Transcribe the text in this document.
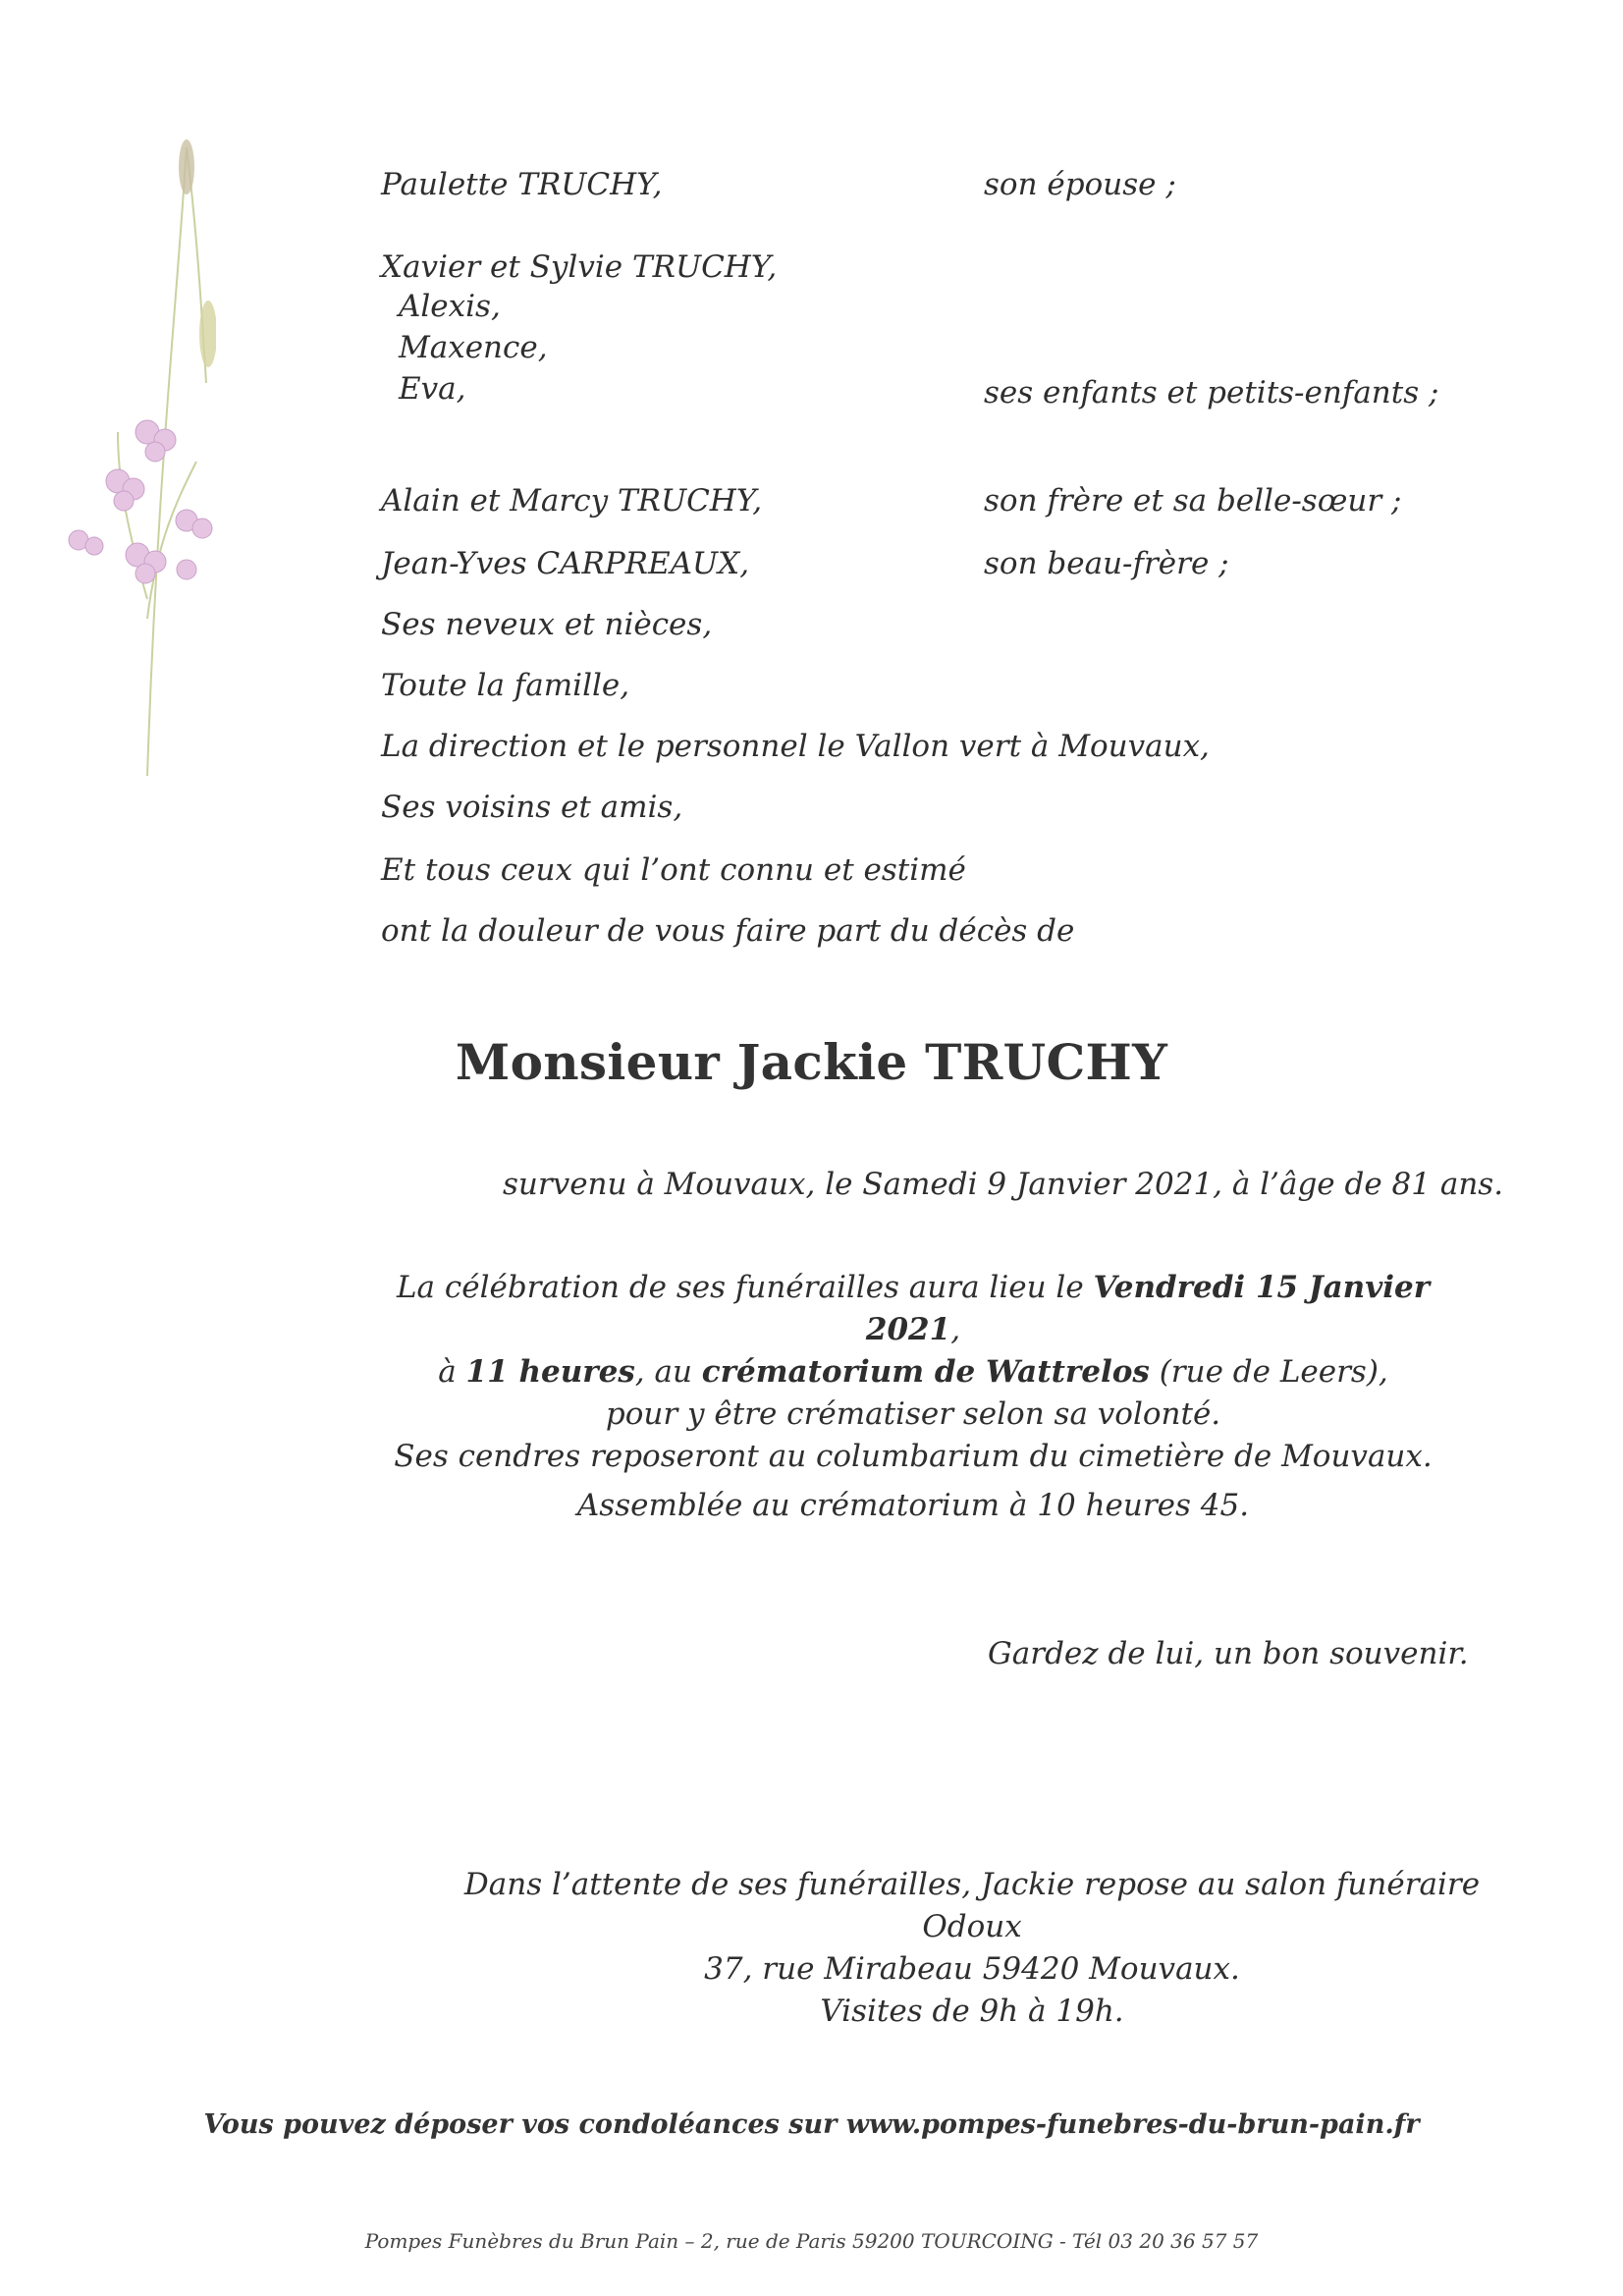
Paulette TRUCHY,	son épouse ;
Xavier et Sylvie TRUCHY,
Alexis,
Maxence,
Eva,	ses enfants et petits-enfants ;
Alain et Marcy TRUCHY,	son frère et sa belle-sœur ;
Jean-Yves CARPREAUX,	son beau-frère ;
Ses neveux et nièces,
Toute la famille,
La direction et le personnel le Vallon vert à Mouvaux,
Ses voisins et amis,
Et tous ceux qui l’ont connu et estimé
ont la douleur de vous faire part du décès de
Monsieur Jackie TRUCHY
survenu à Mouvaux, le Samedi 9 Janvier 2021, à l’âge de 81 ans.
La célébration de ses funérailles aura lieu le Vendredi 15 Janvier 2021,
à 11 heures, au crématorium de Wattrelos (rue de Leers),
pour y être crématiser selon sa volonté.
Ses cendres reposeront au columbarium du cimetière de Mouvaux.
Assemblée au crématorium à 10 heures 45.
Gardez de lui, un bon souvenir.
Dans l’attente de ses funérailles, Jackie repose au salon funéraire Odoux
37, rue Mirabeau 59420 Mouvaux.
Visites de 9h à 19h.
Vous pouvez déposer vos condoléances sur www.pompes-funebres-du-brun-pain.fr
Pompes Funèbres du Brun Pain – 2, rue de Paris 59200 TOURCOING - Tél 03 20 36 57 57
